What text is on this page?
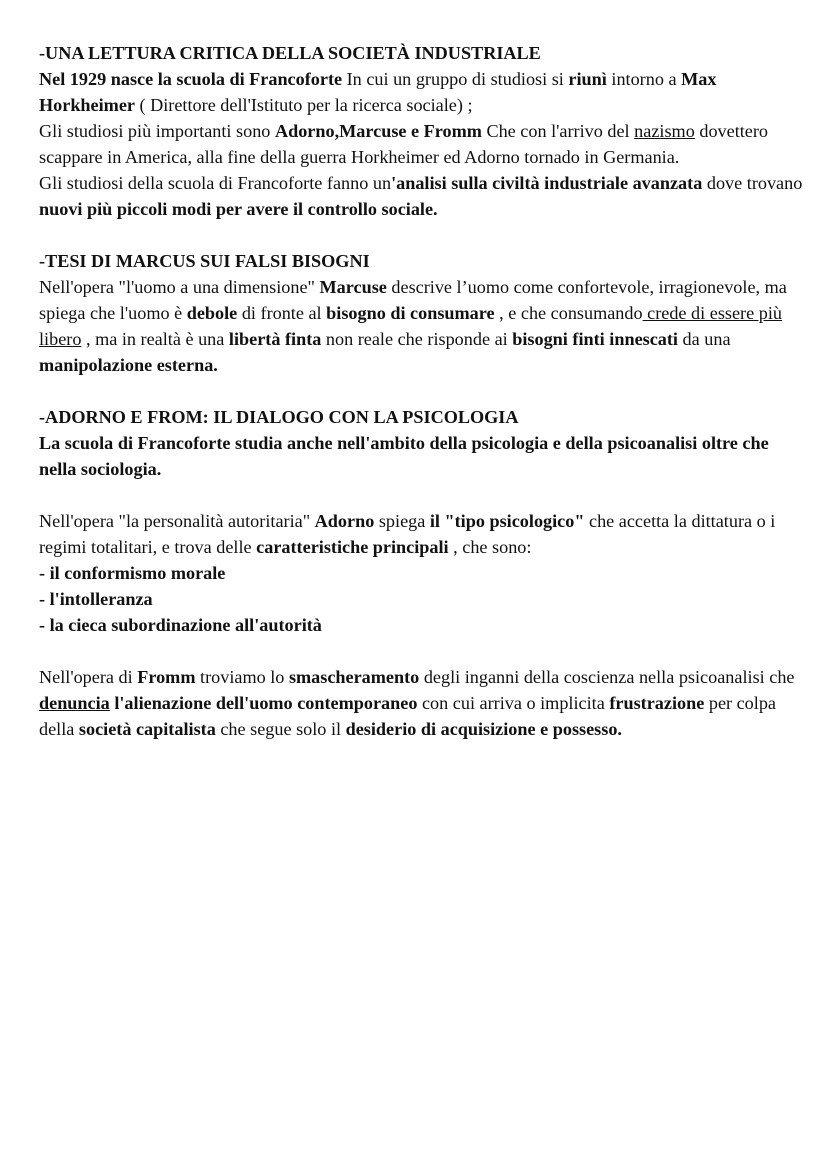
-UNA LETTURA CRITICA DELLA SOCIETÀ INDUSTRIALE

Nel 1929 nasce la scuola di Francoforte In cui un gruppo di studiosi si riunì intorno a Max Horkheimer ( Direttore dell'Istituto per la ricerca sociale) ;

Gli studiosi più importanti sono Adorno,Marcuse e Fromm Che con l'arrivo del nazismo dovettero scappare in America, alla fine della guerra Horkheimer ed Adorno tornado in Germania.

Gli studiosi della scuola di Francoforte fanno un'analisi sulla civiltà industriale avanzata dove trovano nuovi più piccoli modi per avere il controllo sociale.

-TESI DI MARCUS SUI FALSI BISOGNI

Nell'opera "l'uomo a una dimensione" Marcuse descrive l’uomo come confortevole, irragionevole, ma spiega che l'uomo è debole di fronte al bisogno di consumare , e che consumando crede di essere più libero , ma in realtà è una libertà finta non reale che risponde ai bisogni finti innescati da una manipolazione esterna.

-ADORNO E FROM: IL DIALOGO CON LA PSICOLOGIA

La scuola di Francoforte studia anche nell'ambito della psicologia e della psicoanalisi oltre che nella sociologia.

Nell'opera "la personalità autoritaria" Adorno spiega il "tipo psicologico" che accetta la dittatura o i regimi totalitari, e trova delle caratteristiche principali , che sono:

- il conformismo morale
- l'intolleranza
- la cieca subordinazione all'autorità

Nell'opera di Fromm troviamo lo smascheramento degli inganni della coscienza nella psicoanalisi che denuncia l'alienazione dell'uomo contemporaneo con cui arriva o implicita frustrazione per colpa della società capitalista che segue solo il desiderio di acquisizione e possesso.
